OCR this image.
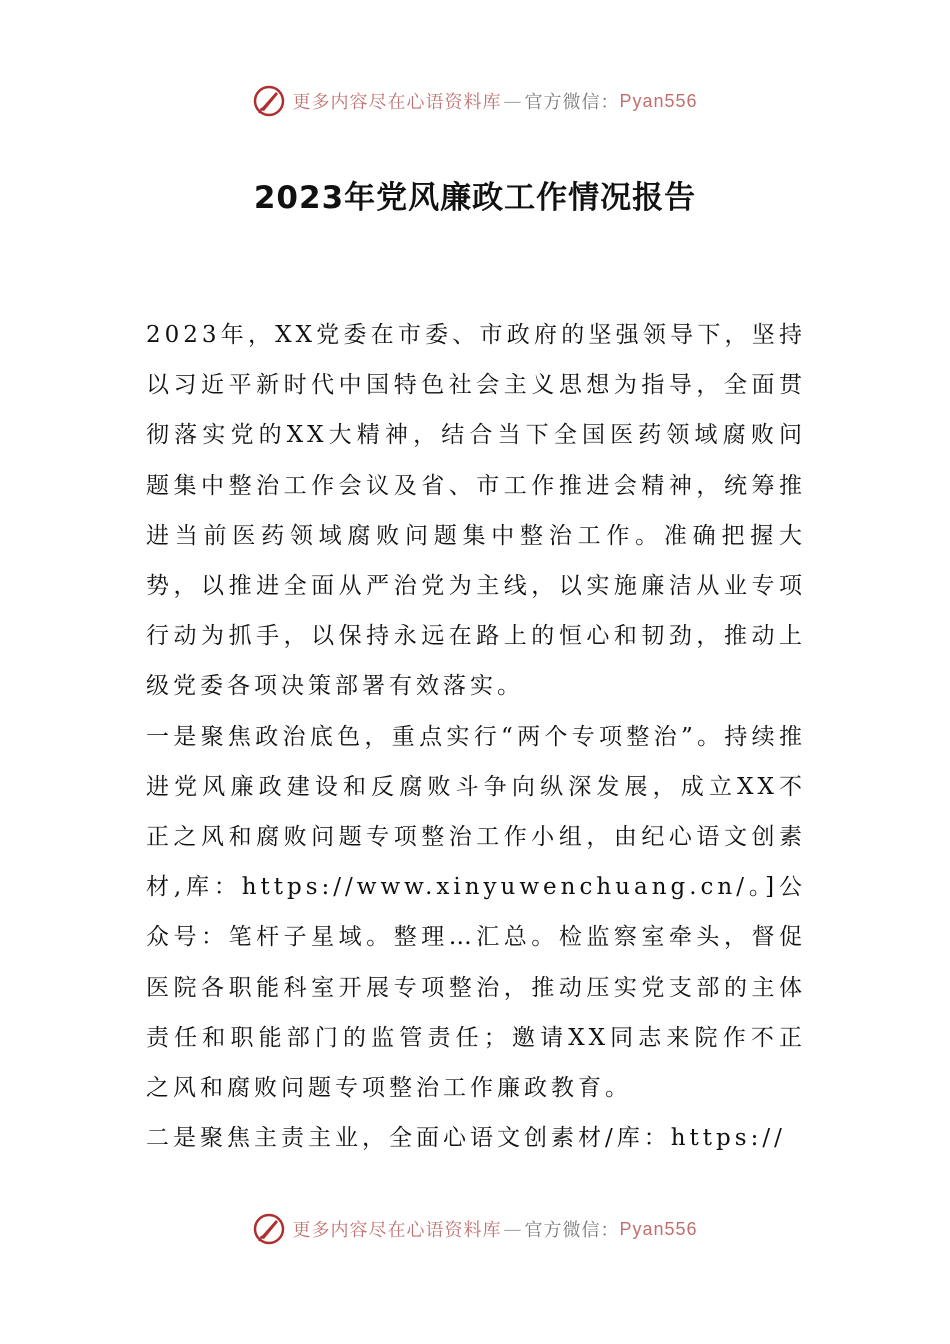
更多内容尽在心语资料库 — 官方微信： Pyan556
2023年党风廉政工作情况报告

2023年，XX党委在市委、市政府的坚强领导下，坚持以习近平新时代中国特色社会主义思想为指导，全面贯彻落实党的XX大精神，结合当下全国医药领域腐败问题集中整治工作会议及省、市工作推进会精神，统筹推进当前医药领域腐败问题集中整治工作。准确把握大势，以推进全面从严治党为主线，以实施廉洁从业专项行动为抓手，以保持永远在路上的恒心和韧劲，推动上级党委各项决策部署有效落实。

一是聚焦政治底色，重点实行“两个专项整治”。持续推进党风廉政建设和反腐败斗争向纵深发展，成立XX不正之风和腐败问题专项整治工作小组，由纪心语文创素材,库：https://www.xinyuwenchuang.cn/。]公众号：笔杆子星域。整理…汇总。检监察室牵头，督促医院各职能科室开展专项整治，推动压实党支部的主体责任和职能部门的监管责任；邀请XX同志来院作不正之风和腐败问题专项整治工作廉政教育。

二是聚焦主责主业，全面心语文创素材/库：https://

更多内容尽在心语资料库 — 官方微信： Pyan556
